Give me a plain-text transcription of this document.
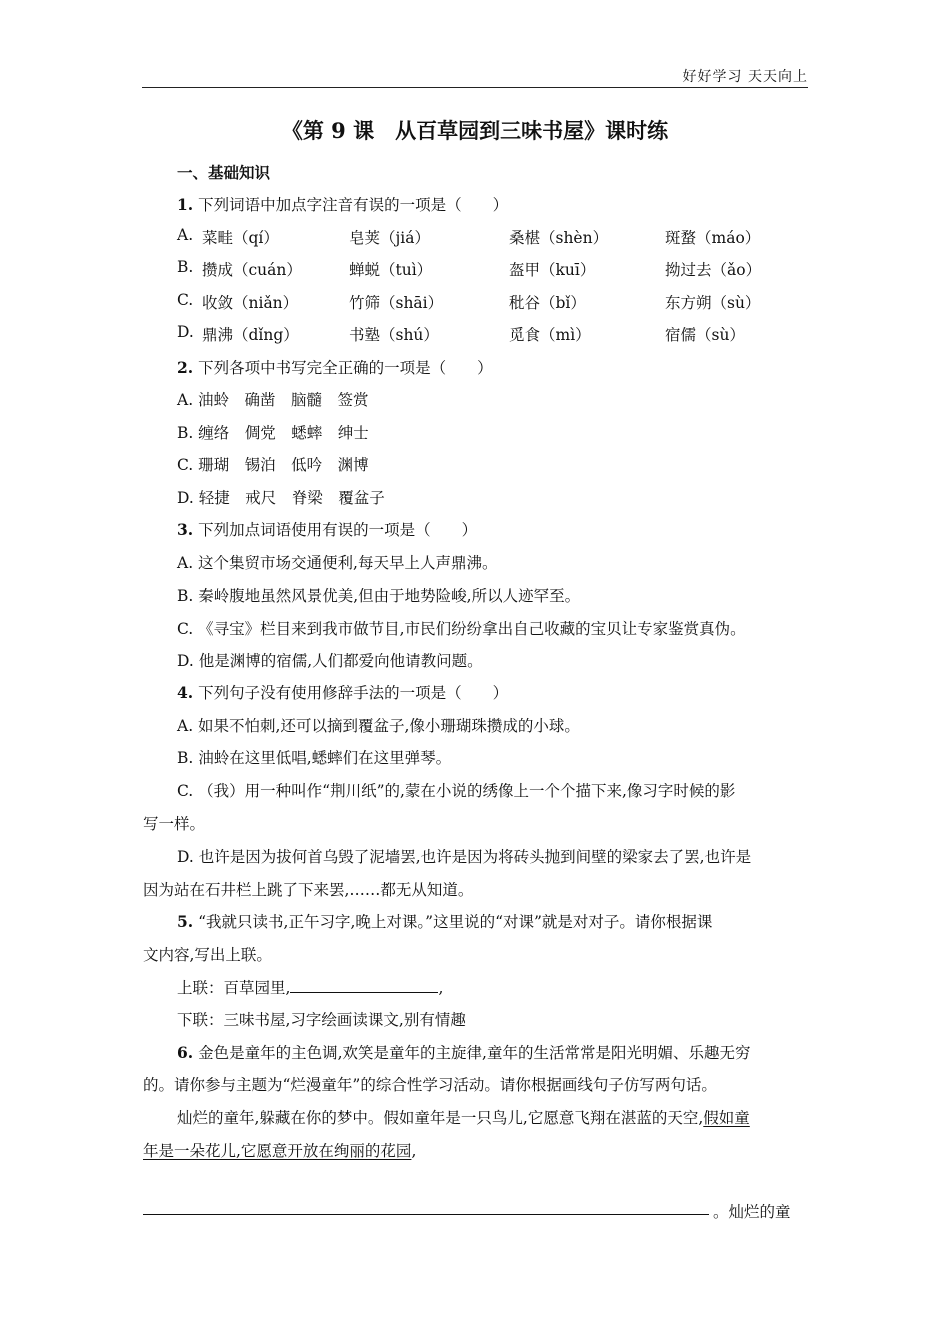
好好学习 天天向上
《第 9 课　从百草园到三味书屋》课时练
一、基础知识
1. 下列词语中加点字注音有误的一项是（　　）
A. 菜畦（qí）	皂荚（jiá）	桑椹（shèn）	斑蝥（máo）
B. 攒成（cuán）	蝉蜕（tuì）	盔甲（kuī）	拗过去（ǎo）
C. 收敛（niǎn）	竹筛（shāi）	秕谷（bǐ）	东方朔（sù）
D. 鼎沸（dǐng）	书塾（shú）	觅食（mì）	宿儒（sù）
2. 下列各项中书写完全正确的一项是（　　）
A. 油蛉　确凿　脑髓　签赏
B. 缠络　倜党　蟋蟀　绅士
C. 珊瑚　锡泊　低吟　渊博
D. 轻捷　戒尺　脊梁　覆盆子
3. 下列加点词语使用有误的一项是（　　）
A. 这个集贸市场交通便利,每天早上人声鼎沸。
B. 秦岭腹地虽然风景优美,但由于地势险峻,所以人迹罕至。
C. 《寻宝》栏目来到我市做节目,市民们纷纷拿出自己收藏的宝贝让专家鉴赏真伪。
D. 他是渊博的宿儒,人们都爱向他请教问题。
4. 下列句子没有使用修辞手法的一项是（　　）
A. 如果不怕刺,还可以摘到覆盆子,像小珊瑚珠攒成的小球。
B. 油蛉在这里低唱,蟋蟀们在这里弹琴。
C. （我）用一种叫作“荆川纸”的,蒙在小说的绣像上一个个描下来,像习字时候的影
写一样。
D. 也许是因为拔何首乌毁了泥墙罢,也许是因为将砖头抛到间壁的梁家去了罢,也许是
因为站在石井栏上跳了下来罢,……都无从知道。
5. “我就只读书,正午习字,晚上对课。”这里说的“对课”就是对对子。请你根据课
文内容,写出上联。
上联：百草园里,	,
下联：三味书屋,习字绘画读课文,别有情趣
6. 金色是童年的主色调,欢笑是童年的主旋律,童年的生活常常是阳光明媚、乐趣无穷
的。请你参与主题为“烂漫童年”的综合性学习活动。请你根据画线句子仿写两句话。
灿烂的童年,躲藏在你的梦中。假如童年是一只鸟儿,它愿意飞翔在湛蓝的天空,假如童
年是一朵花儿,它愿意开放在绚丽的花园,
。灿烂的童
